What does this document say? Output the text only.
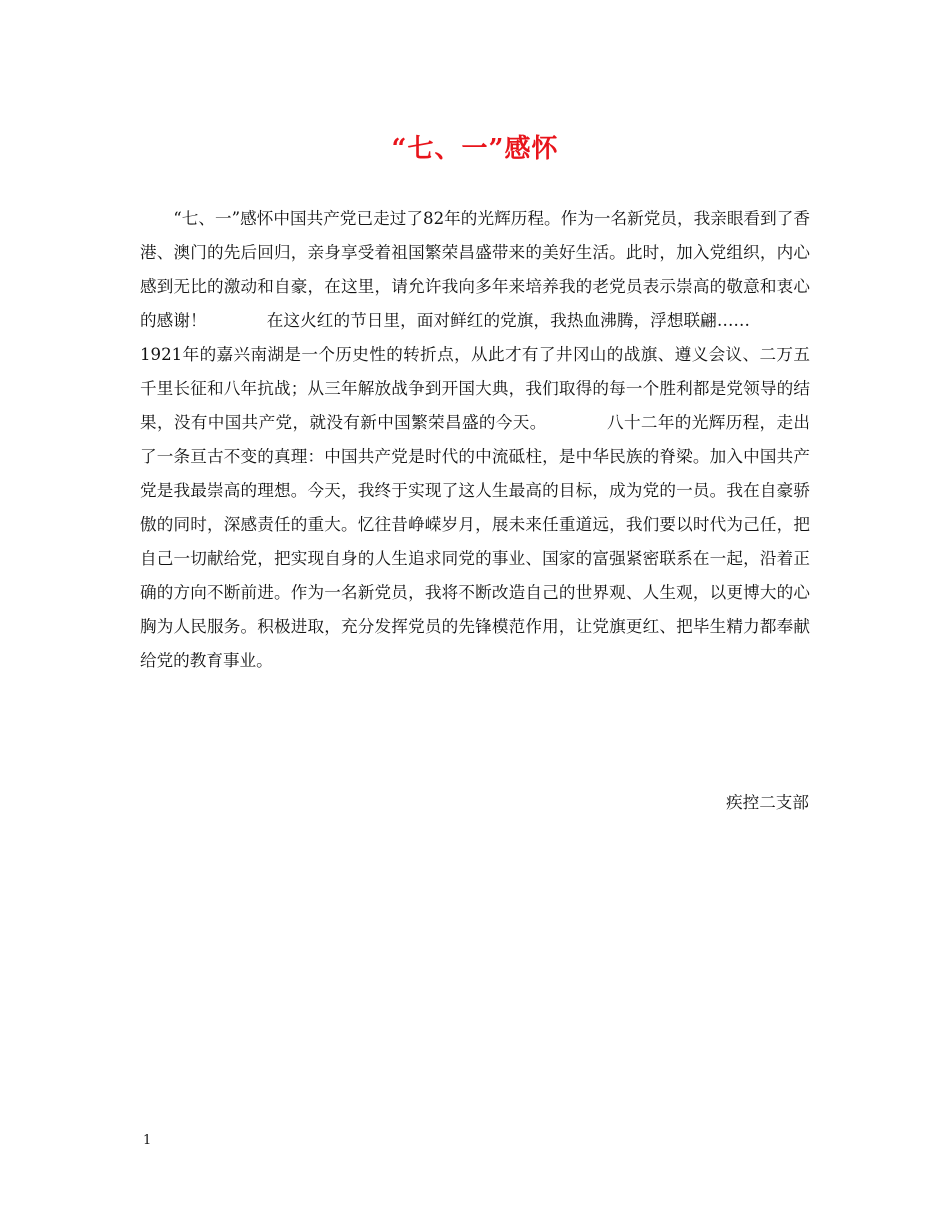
“七、一”感怀

“七、一”感怀中国共产党已走过了82年的光辉历程。作为一名新党员，我亲眼看到了香港、澳门的先后回归，亲身享受着祖国繁荣昌盛带来的美好生活。此时，加入党组织，内心感到无比的激动和自豪，在这里，请允许我向多年来培养我的老党员表示崇高的敬意和衷心的感谢！	在这火红的节日里，面对鲜红的党旗，我热血沸腾，浮想联翩……1921年的嘉兴南湖是一个历史性的转折点，从此才有了井冈山的战旗、遵义会议、二万五千里长征和八年抗战；从三年解放战争到开国大典，我们取得的每一个胜利都是党领导的结果，没有中国共产党，就没有新中国繁荣昌盛的今天。	八十二年的光辉历程，走出了一条亘古不变的真理：中国共产党是时代的中流砥柱，是中华民族的脊梁。加入中国共产党是我最崇高的理想。今天，我终于实现了这人生最高的目标，成为党的一员。我在自豪骄傲的同时，深感责任的重大。忆往昔峥嵘岁月，展未来任重道远，我们要以时代为己任，把自己一切献给党，把实现自身的人生追求同党的事业、国家的富强紧密联系在一起，沿着正确的方向不断前进。作为一名新党员，我将不断改造自己的世界观、人生观，以更博大的心胸为人民服务。积极进取，充分发挥党员的先锋模范作用，让党旗更红、把毕生精力都奉献给党的教育事业。

疾控二支部

1
